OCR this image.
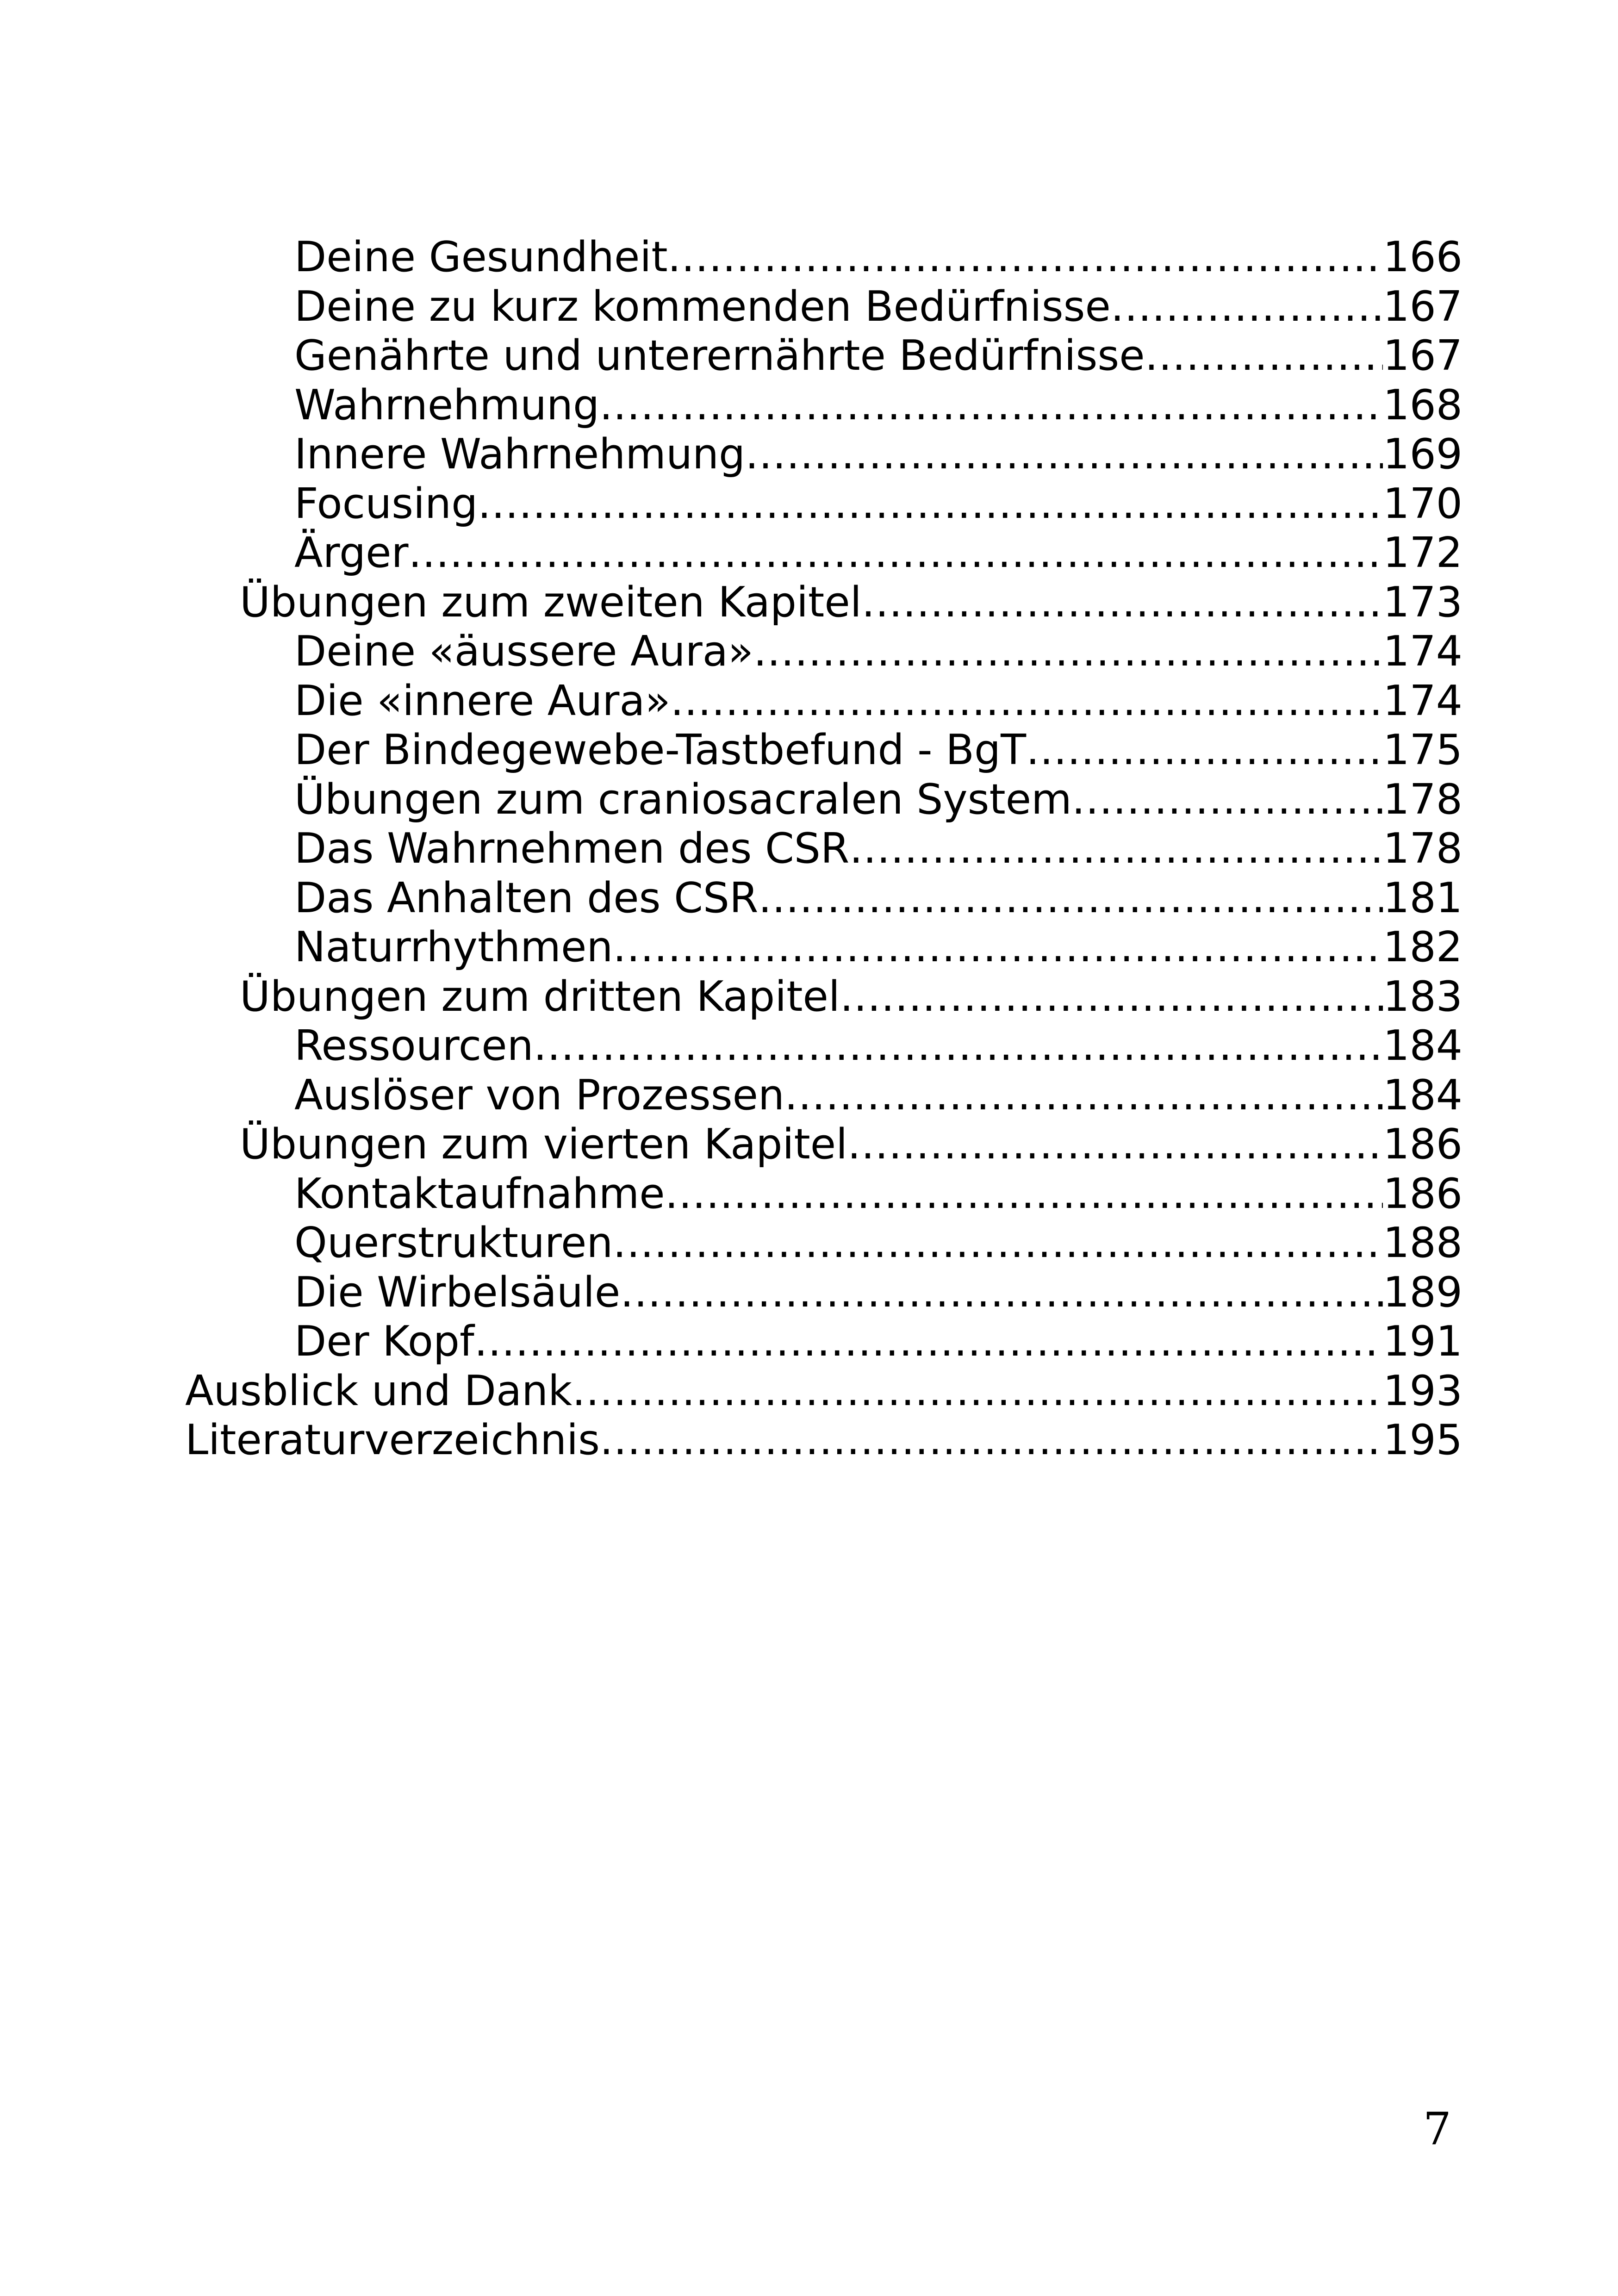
Deine Gesundheit .....	166
Deine zu kurz kommenden Bedürfnisse .....	167
Genährte und unterernährte Bedürfnisse .....	167
Wahrnehmung .....	168
Innere Wahrnehmung .....	169
Focusing .....	170
Ärger .....	172
Übungen zum zweiten Kapitel .....	173
Deine «äussere Aura» .....	174
Die «innere Aura» .....	174
Der Bindegewebe-Tastbefund - BgT .....	175
Übungen zum craniosacralen System .....	178
Das Wahrnehmen des CSR .....	178
Das Anhalten des CSR .....	181
Naturrhythmen .....	182
Übungen zum dritten Kapitel .....	183
Ressourcen .....	184
Auslöser von Prozessen .....	184
Übungen zum vierten Kapitel .....	186
Kontaktaufnahme .....	186
Querstrukturen .....	188
Die Wirbelsäule .....	189
Der Kopf .....	191
Ausblick und Dank .....	193
Literaturverzeichnis .....	195
7
